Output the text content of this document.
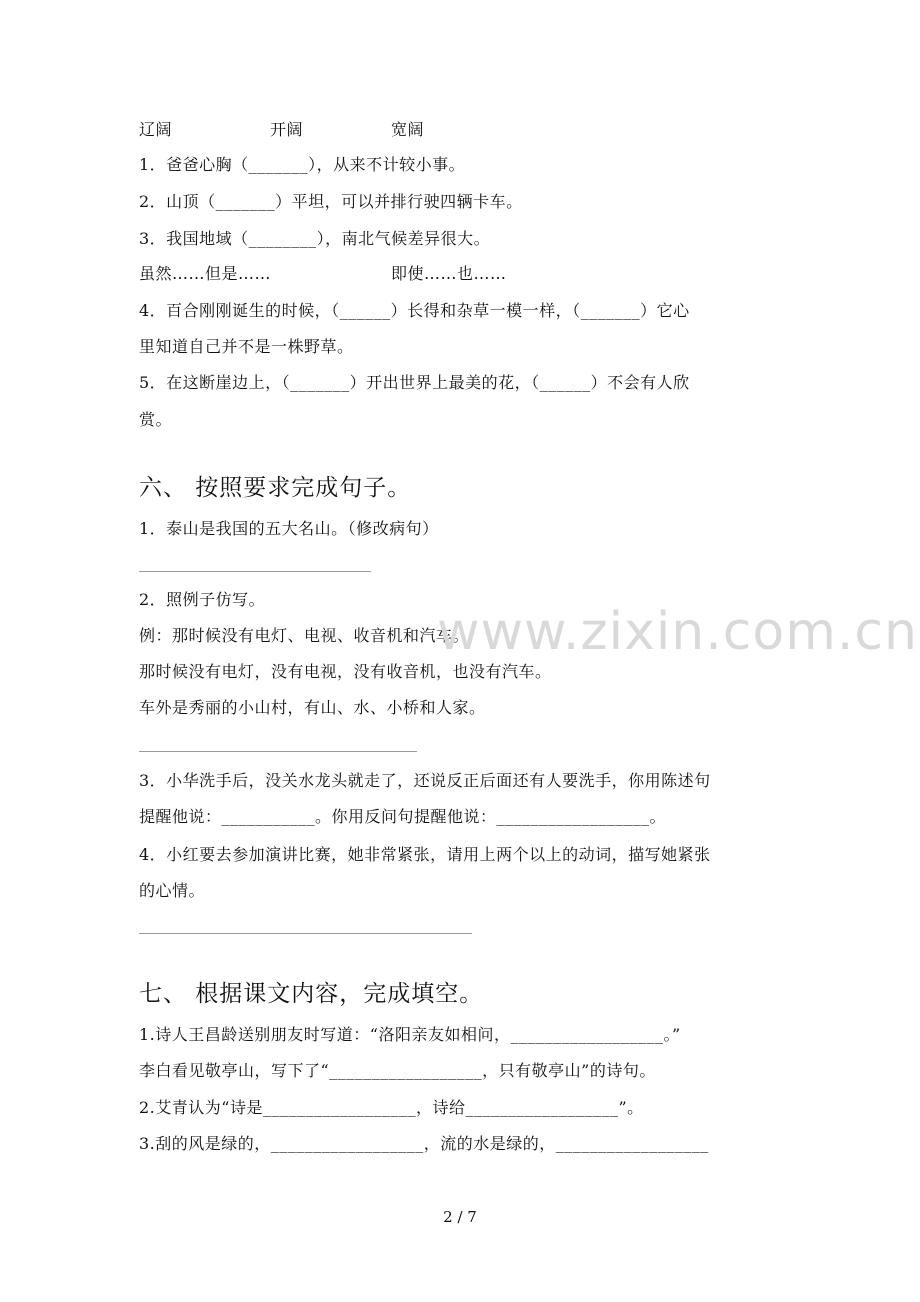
辽阔	开阔	宽阔
1．爸爸心胸（_______），从来不计较小事。
2．山顶（_______）平坦，可以并排行驶四辆卡车。
3．我国地域（________），南北气候差异很大。
虽然……但是……	即使……也……
4．百合刚刚诞生的时候，（______）长得和杂草一模一样，（_______）它心
里知道自己并不是一株野草。
5．在这断崖边上，（_______）开出世界上最美的花，（______）不会有人欣
赏。
六、 按照要求完成句子。
1．泰山是我国的五大名山。（修改病句）
2．照例子仿写。
例：那时候没有电灯、电视、收音机和汽车。
那时候没有电灯，没有电视，没有收音机，也没有汽车。
车外是秀丽的小山村，有山、水、小桥和人家。
3．小华洗手后，没关水龙头就走了，还说反正后面还有人要洗手，你用陈述句
提醒他说：___________。你用反问句提醒他说：__________________。
4．小红要去参加演讲比赛，她非常紧张，请用上两个以上的动词，描写她紧张
的心情。
七、 根据课文内容，完成填空。
1.诗人王昌龄送别朋友时写道：“洛阳亲友如相问，__________________。”
李白看见敬亭山，写下了“__________________，只有敬亭山”的诗句。
2.艾青认为“诗是__________________，诗给__________________”。
3.刮的风是绿的，__________________，流的水是绿的，__________________
www.zixin.com.cn
2 / 7
